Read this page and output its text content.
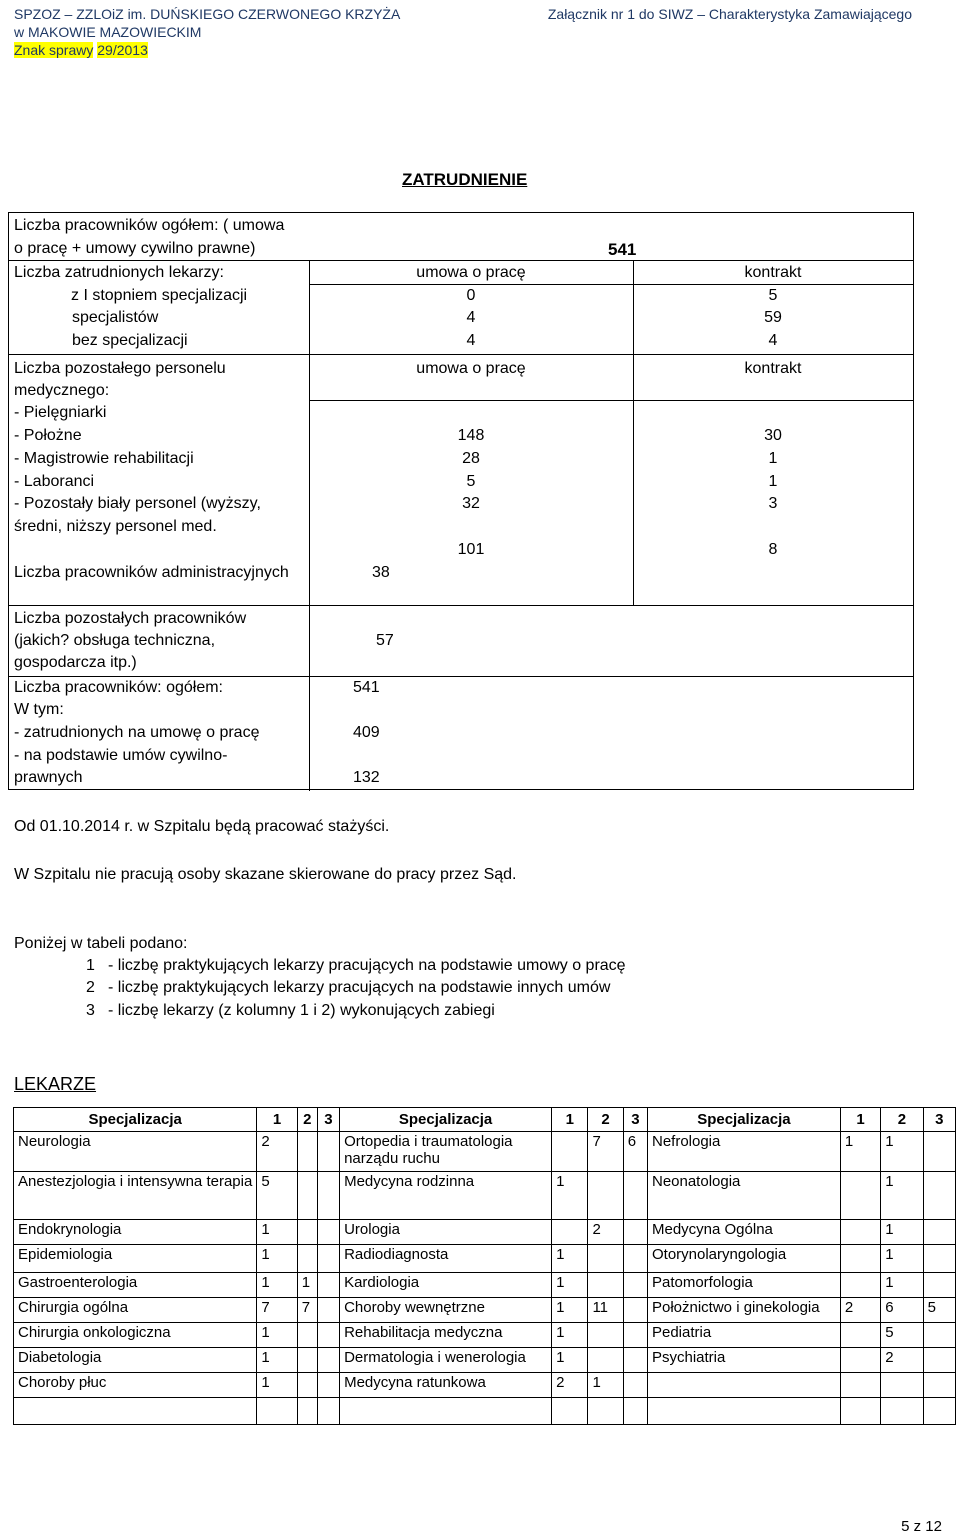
SPZOZ – ZZLOiZ im. DUŃSKIEGO CZERWONEGO KRZYŻA
w MAKOWIE MAZOWIECKIM
Znak sprawy 29/2013
Załącznik nr 1 do SIWZ – Charakterystyka Zamawiającego
ZATRUDNIENIE
Liczba pracowników ogółem: ( umowa
o pracę + umowy cywilno prawne)	541
Liczba zatrudnionych lekarzy:	umowa o pracę	kontrakt
z I stopniem specjalizacji	0	5
specjalistów	4	59
bez specjalizacji	4	4
Liczba pozostałego personelu
medycznego:
umowa o pracę	kontrakt
- Pielęgniarki
- Położne	148	30
- Magistrowie rehabilitacji	28	1
- Laboranci	5	1
- Pozostały biały personel (wyższy,	32	3
średni, niższy personel med.
101	8
Liczba pracowników administracyjnych	38
Liczba pozostałych pracowników
(jakich? obsługa techniczna,
gospodarcza itp.)
57
Liczba pracowników: ogółem:	541
W tym:
- zatrudnionych na umowę o pracę	409
- na podstawie umów cywilno-
prawnych	132
Od 01.10.2014 r. w Szpitalu będą pracować stażyści.
W Szpitalu nie pracują osoby skazane skierowane do pracy przez Sąd.
Poniżej w tabeli podano:
1 - liczbę praktykujących lekarzy pracujących na podstawie umowy o pracę
2 - liczbę praktykujących lekarzy pracujących na podstawie innych umów
3 - liczbę lekarzy (z kolumny 1 i 2) wykonujących zabiegi
LEKARZE
Specjalizacja	1	2	3	Specjalizacja	1	2	3	Specjalizacja	1	2	3
Neurologia	2			Ortopedia i traumatologia narządu ruchu		7	6	Nefrologia	1	1	
Anestezjologia i intensywna terapia	5			Medycyna rodzinna	1			Neonatologia		1	
Endokrynologia	1			Urologia		2		Medycyna Ogólna		1	
Epidemiologia	1			Radiodiagnosta	1			Otorynolaryngologia		1	
Gastroenterologia	1	1		Kardiologia	1			Patomorfologia		1	
Chirurgia ogólna	7	7		Choroby wewnętrzne	1	11		Położnictwo i ginekologia	2	6	5
Chirurgia onkologiczna	1			Rehabilitacja medyczna	1			Pediatria		5	
Diabetologia	1			Dermatologia i wenerologia	1			Psychiatria		2	
Choroby płuc	1			Medycyna ratunkowa	2	1					

5 z 12
